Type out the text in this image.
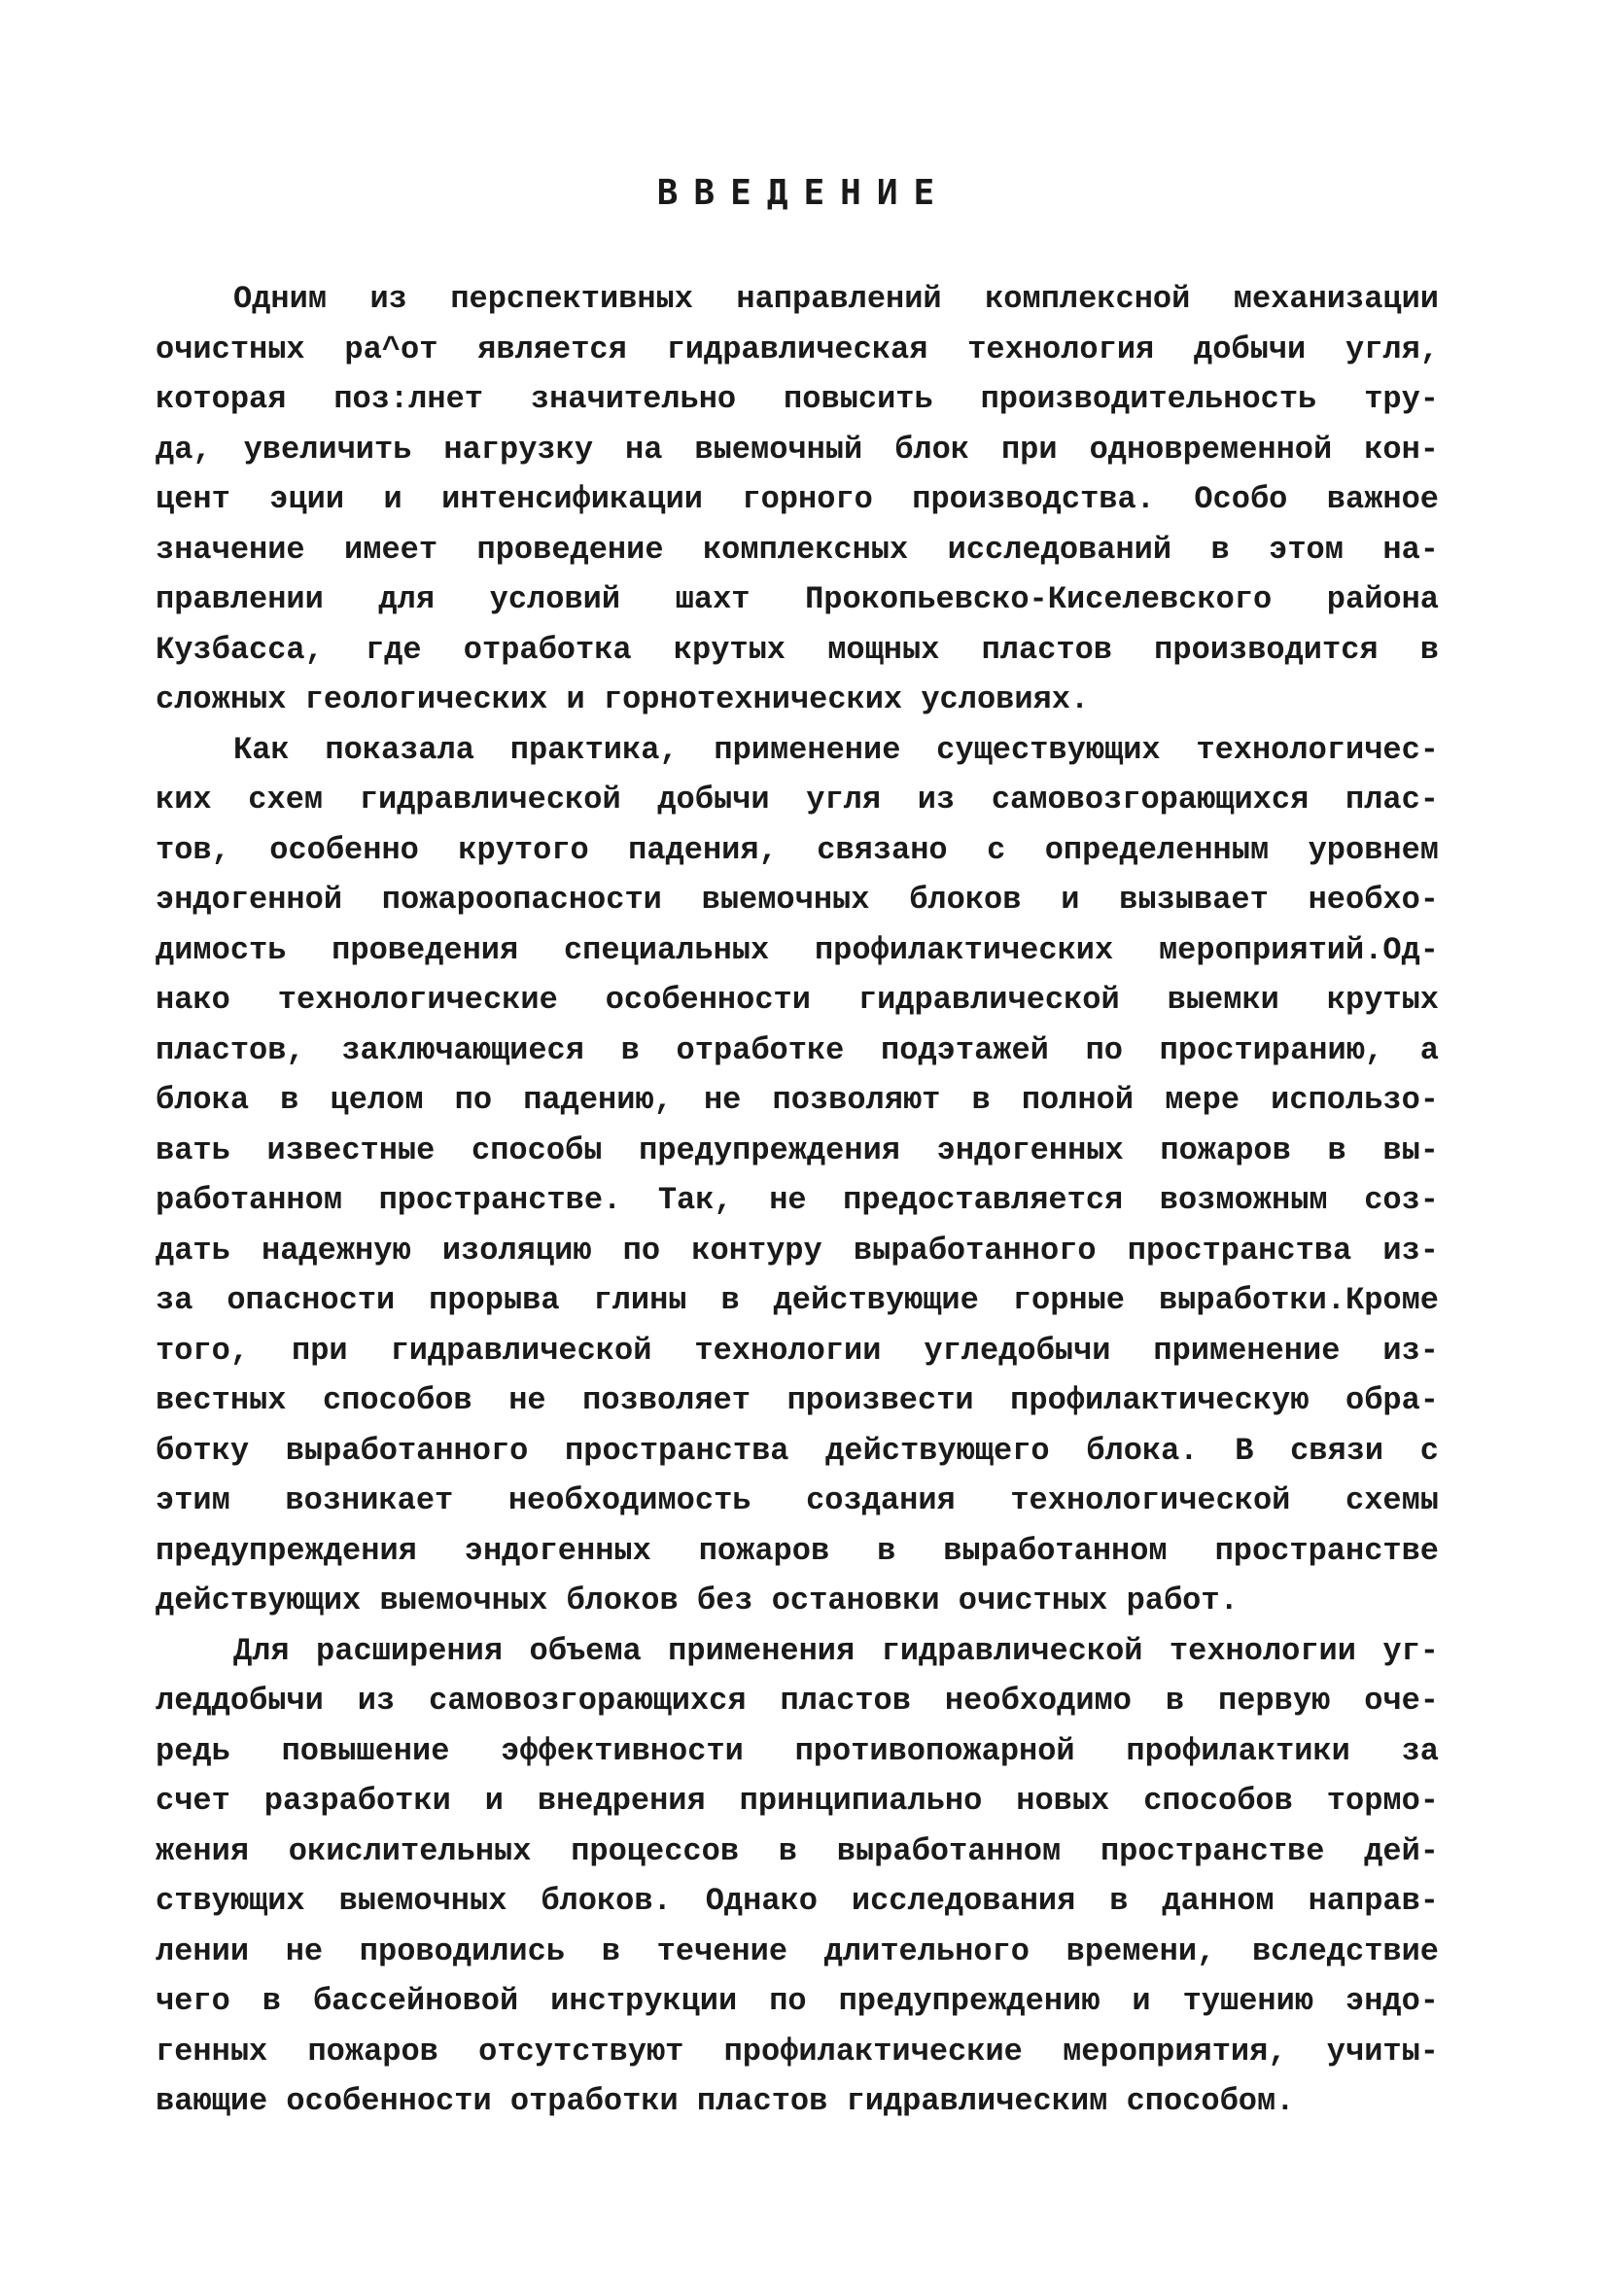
ВВЕДЕНИЕ
Одним из перспективных направлений комплексной механизации
очистных ра^от является гидравлическая технология добычи угля,
которая поз:лнет значительно повысить производительность тру-
да, увеличить нагрузку на выемочный блок при одновременной кон-
цент эции и интенсификации горного производства. Особо важное
значение имеет проведение комплексных исследований в этом на-
правлении для условий шахт Прокопьевско-Киселевского района
Кузбасса, где отработка крутых мощных пластов производится в
сложных геологических и горнотехнических условиях.
Как показала практика, применение существующих технологичес-
ких схем гидравлической добычи угля из самовозгорающихся плас-
тов, особенно крутого падения, связано с определенным уровнем
эндогенной пожароопасности выемочных блоков и вызывает необхо-
димость проведения специальных профилактических мероприятий.Од-
нако технологические особенности гидравлической выемки крутых
пластов, заключающиеся в отработке подэтажей по простиранию, а
блока в целом по падению, не позволяют в полной мере использо-
вать известные способы предупреждения эндогенных пожаров в вы-
работанном пространстве. Так, не предоставляется возможным соз-
дать надежную изоляцию по контуру выработанного пространства из-
за опасности прорыва глины в действующие горные выработки.Кроме
того, при гидравлической технологии угледобычи применение из-
вестных способов не позволяет произвести профилактическую обра-
ботку выработанного пространства действующего блока. В связи с
этим возникает необходимость создания технологической схемы
предупреждения эндогенных пожаров в выработанном пространстве
действующих выемочных блоков без остановки очистных работ.
Для расширения объема применения гидравлической технологии уг-
леддобычи из самовозгорающихся пластов необходимо в первую оче-
редь повышение эффективности противопожарной профилактики за
счет разработки и внедрения принципиально новых способов тормо-
жения окислительных процессов в выработанном пространстве дей-
ствующих выемочных блоков. Однако исследования в данном направ-
лении не проводились в течение длительного времени, вследствие
чего в бассейновой инструкции по предупреждению и тушению эндо-
генных пожаров отсутствуют профилактические мероприятия, учиты-
вающие особенности отработки пластов гидравлическим способом.
